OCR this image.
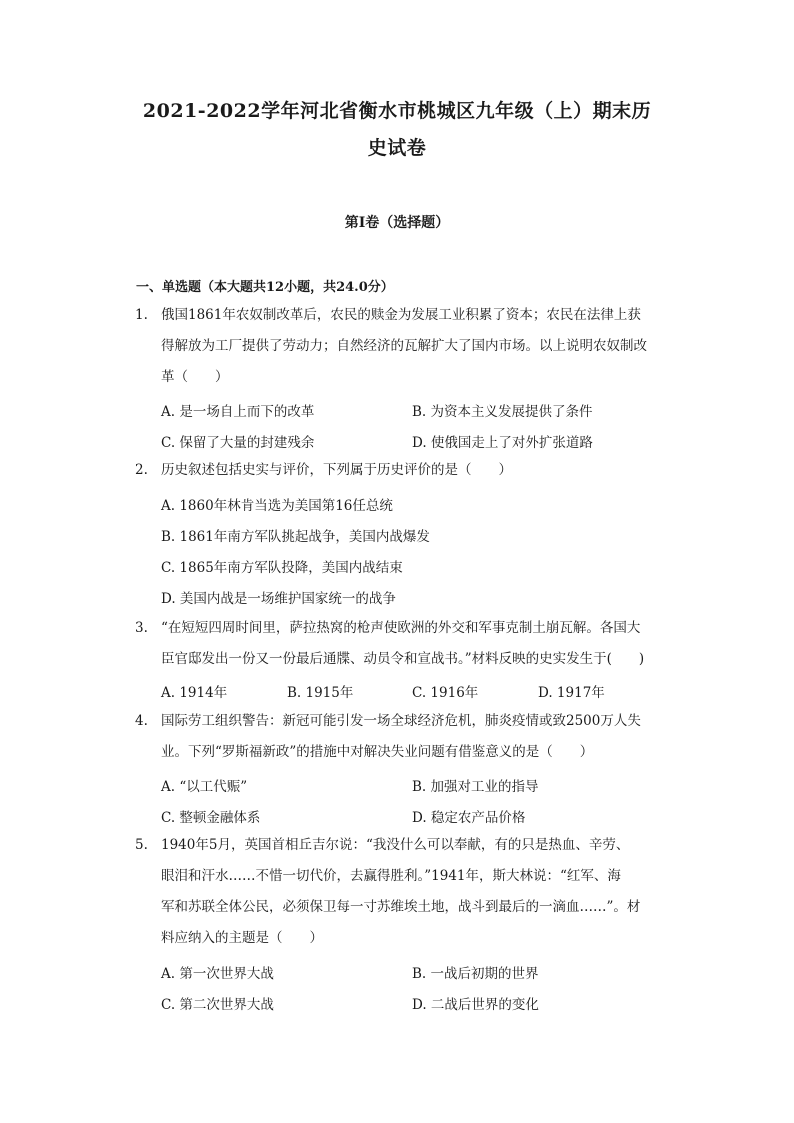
2021-2022学年河北省衡水市桃城区九年级（上）期末历
史试卷
第I卷（选择题）
一、单选题（本大题共12小题，共24.0分）
1. 俄国1861年农奴制改革后，农民的赎金为发展工业积累了资本；农民在法律上获
得解放为工厂提供了劳动力；自然经济的瓦解扩大了国内市场。以上说明农奴制改
革（　　）
A. 是一场自上而下的改革	B. 为资本主义发展提供了条件
C. 保留了大量的封建残余	D. 使俄国走上了对外扩张道路
2. 历史叙述包括史实与评价，下列属于历史评价的是（　　）
A. 1860年林肯当选为美国第16任总统
B. 1861年南方军队挑起战争，美国内战爆发
C. 1865年南方军队投降，美国内战结束
D. 美国内战是一场维护国家统一的战争
3. “在短短四周时间里，萨拉热窝的枪声使欧洲的外交和军事克制土崩瓦解。各国大
臣官邸发出一份又一份最后通牒、动员令和宣战书。”材料反映的史实发生于(　　)
A. 1914年	B. 1915年	C. 1916年	D. 1917年
4. 国际劳工组织警告：新冠可能引发一场全球经济危机，肺炎疫情或致2500万人失
业。下列“罗斯福新政”的措施中对解决失业问题有借鉴意义的是（　　）
A. “以工代赈”	B. 加强对工业的指导
C. 整顿金融体系	D. 稳定农产品价格
5. 1940年5月，英国首相丘吉尔说：“我没什么可以奉献，有的只是热血、辛劳、
眼泪和汗水……不惜一切代价，去赢得胜利。”1941年，斯大林说：“红军、海
军和苏联全体公民，必须保卫每一寸苏维埃土地，战斗到最后的一滴血……”。材
料应纳入的主题是（　　）
A. 第一次世界大战	B. 一战后初期的世界
C. 第二次世界大战	D. 二战后世界的变化
